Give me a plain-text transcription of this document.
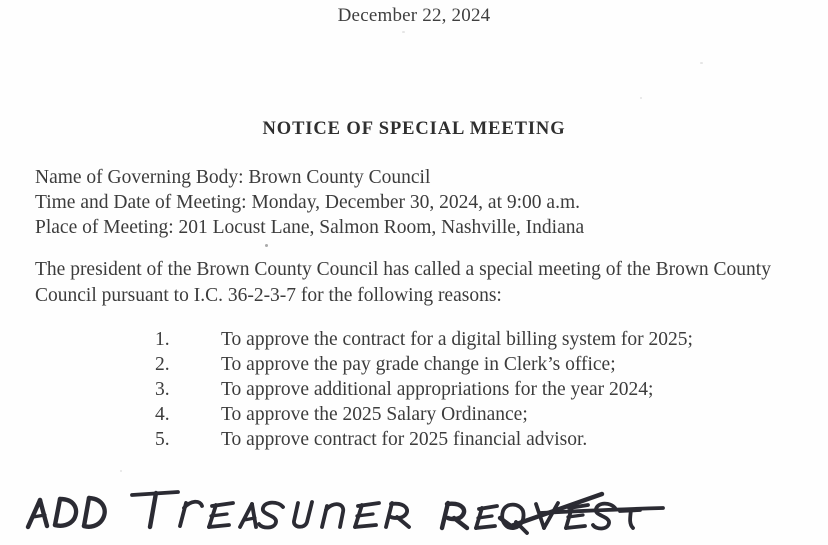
December 22, 2024
NOTICE OF SPECIAL MEETING
Name of Governing Body: Brown County Council
Time and Date of Meeting: Monday, December 30, 2024, at 9:00 a.m.
Place of Meeting: 201 Locust Lane, Salmon Room, Nashville, Indiana
The president of the Brown County Council has called a special meeting of the Brown County
Council pursuant to I.C. 36-2-3-7 for the following reasons:
1.	To approve the contract for a digital billing system for 2025;
2.	To approve the pay grade change in Clerk’s office;
3.	To approve additional appropriations for the year 2024;
4.	To approve the 2025 Salary Ordinance;
5.	To approve contract for 2025 financial advisor.
